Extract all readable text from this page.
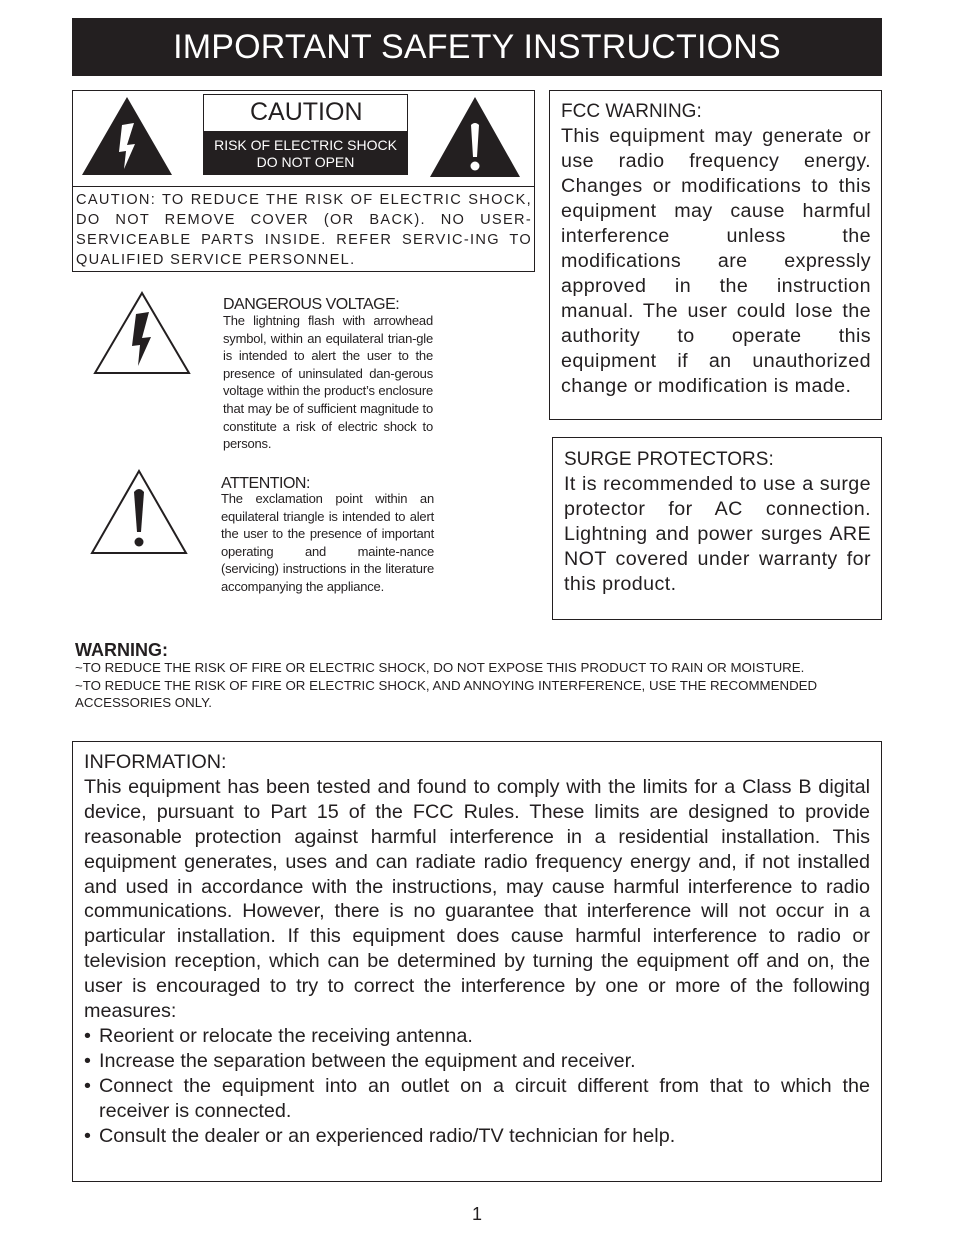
IMPORTANT SAFETY INSTRUCTIONS
CAUTION
RISK OF ELECTRIC SHOCK
DO NOT OPEN
CAUTION: TO REDUCE THE RISK OF ELECTRIC SHOCK, DO NOT REMOVE COVER (OR BACK). NO USER-SERVICEABLE PARTS INSIDE. REFER SERVIC-ING TO QUALIFIED SERVICE PERSONNEL.
DANGEROUS VOLTAGE:
The lightning flash with arrowhead symbol, within an equilateral trian-gle is intended to alert the user to the presence of uninsulated dan-gerous voltage within the product’s enclosure that may be of sufficient magnitude to constitute a risk of electric shock to persons.
ATTENTION:
The exclamation point within an equilateral triangle is intended to alert the user to the presence of important operating and mainte-nance (servicing) instructions in the literature accompanying the appliance.
FCC WARNING:
This equipment may generate or use radio frequency energy. Changes or modifications to this equipment may cause harmful interference unless the modifications are expressly approved in the instruction manual. The user could lose the authority to operate this equipment if an unauthorized change or modification is made.
SURGE PROTECTORS:
It is recommended to use a surge protector for AC connection. Lightning and power surges ARE NOT covered under warranty for this product.
WARNING:

~TO REDUCE THE RISK OF FIRE OR ELECTRIC SHOCK, DO NOT EXPOSE THIS PRODUCT TO RAIN OR MOISTURE.

~TO REDUCE THE RISK OF FIRE OR ELECTRIC SHOCK, AND ANNOYING INTERFERENCE, USE THE RECOMMENDED ACCESSORIES ONLY.

INFORMATION:
This equipment has been tested and found to comply with the limits for a Class B digital device, pursuant to Part 15 of the FCC Rules. These limits are designed to provide reasonable protection against harmful interference in a residential installation. This equipment generates, uses and can radiate radio frequency energy and, if not installed and used in accordance with the instructions, may cause harmful interference to radio communications. However, there is no guarantee that interference will not occur in a particular installation. If this equipment does cause harmful interference to radio or television reception, which can be determined by turning the equipment off and on, the user is encouraged to try to correct the interference by one or more of the following measures:
• Reorient or relocate the receiving antenna.
• Increase the separation between the equipment and receiver.
• Connect the equipment into an outlet on a circuit different from that to which the receiver is connected.
• Consult the dealer or an experienced radio/TV technician for help.
1
